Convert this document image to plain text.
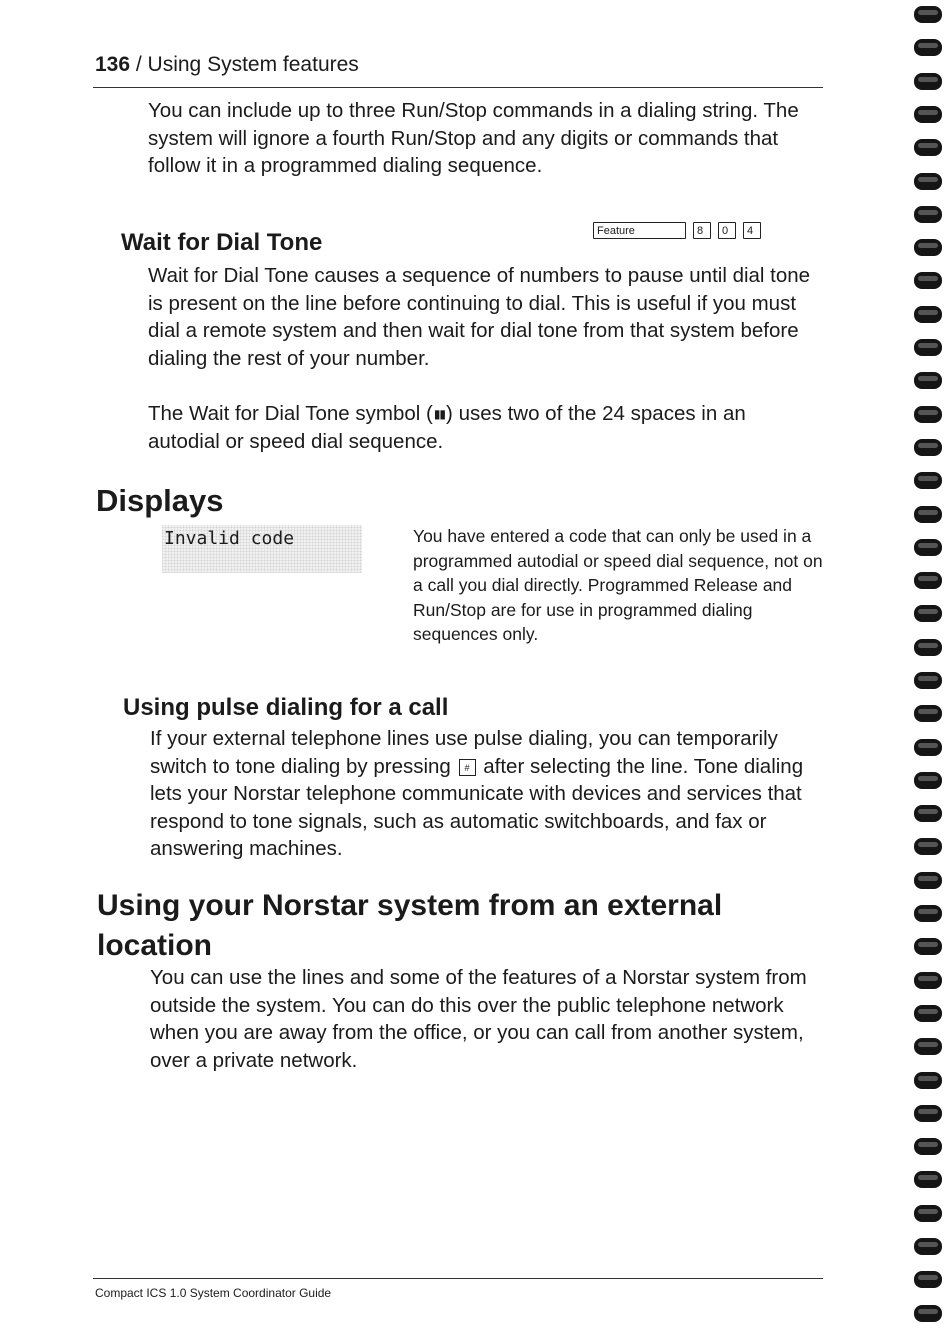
136 / Using System features

You can include up to three Run/Stop commands in a dialing string. The system will ignore a fourth Run/Stop and any digits or commands that follow it in a programmed dialing sequence.

Wait for Dial Tone	Feature	8 0 4

Wait for Dial Tone causes a sequence of numbers to pause until dial tone is present on the line before continuing to dial. This is useful if you must dial a remote system and then wait for dial tone from that system before dialing the rest of your number.

The Wait for Dial Tone symbol (▮▮) uses two of the 24 spaces in an autodial or speed dial sequence.

Displays
Invalid code	You have entered a code that can only be used in a programmed autodial or speed dial sequence, not on a call you dial directly. Programmed Release and Run/Stop are for use in programmed dialing sequences only.

Using pulse dialing for a call

If your external telephone lines use pulse dialing, you can temporarily switch to tone dialing by pressing # after selecting the line. Tone dialing lets your Norstar telephone communicate with devices and services that respond to tone signals, such as automatic switchboards, and fax or answering machines.

Using your Norstar system from an external location

You can use the lines and some of the features of a Norstar system from outside the system. You can do this over the public telephone network when you are away from the office, or you can call from another system, over a private network.

Compact ICS 1.0 System Coordinator Guide
